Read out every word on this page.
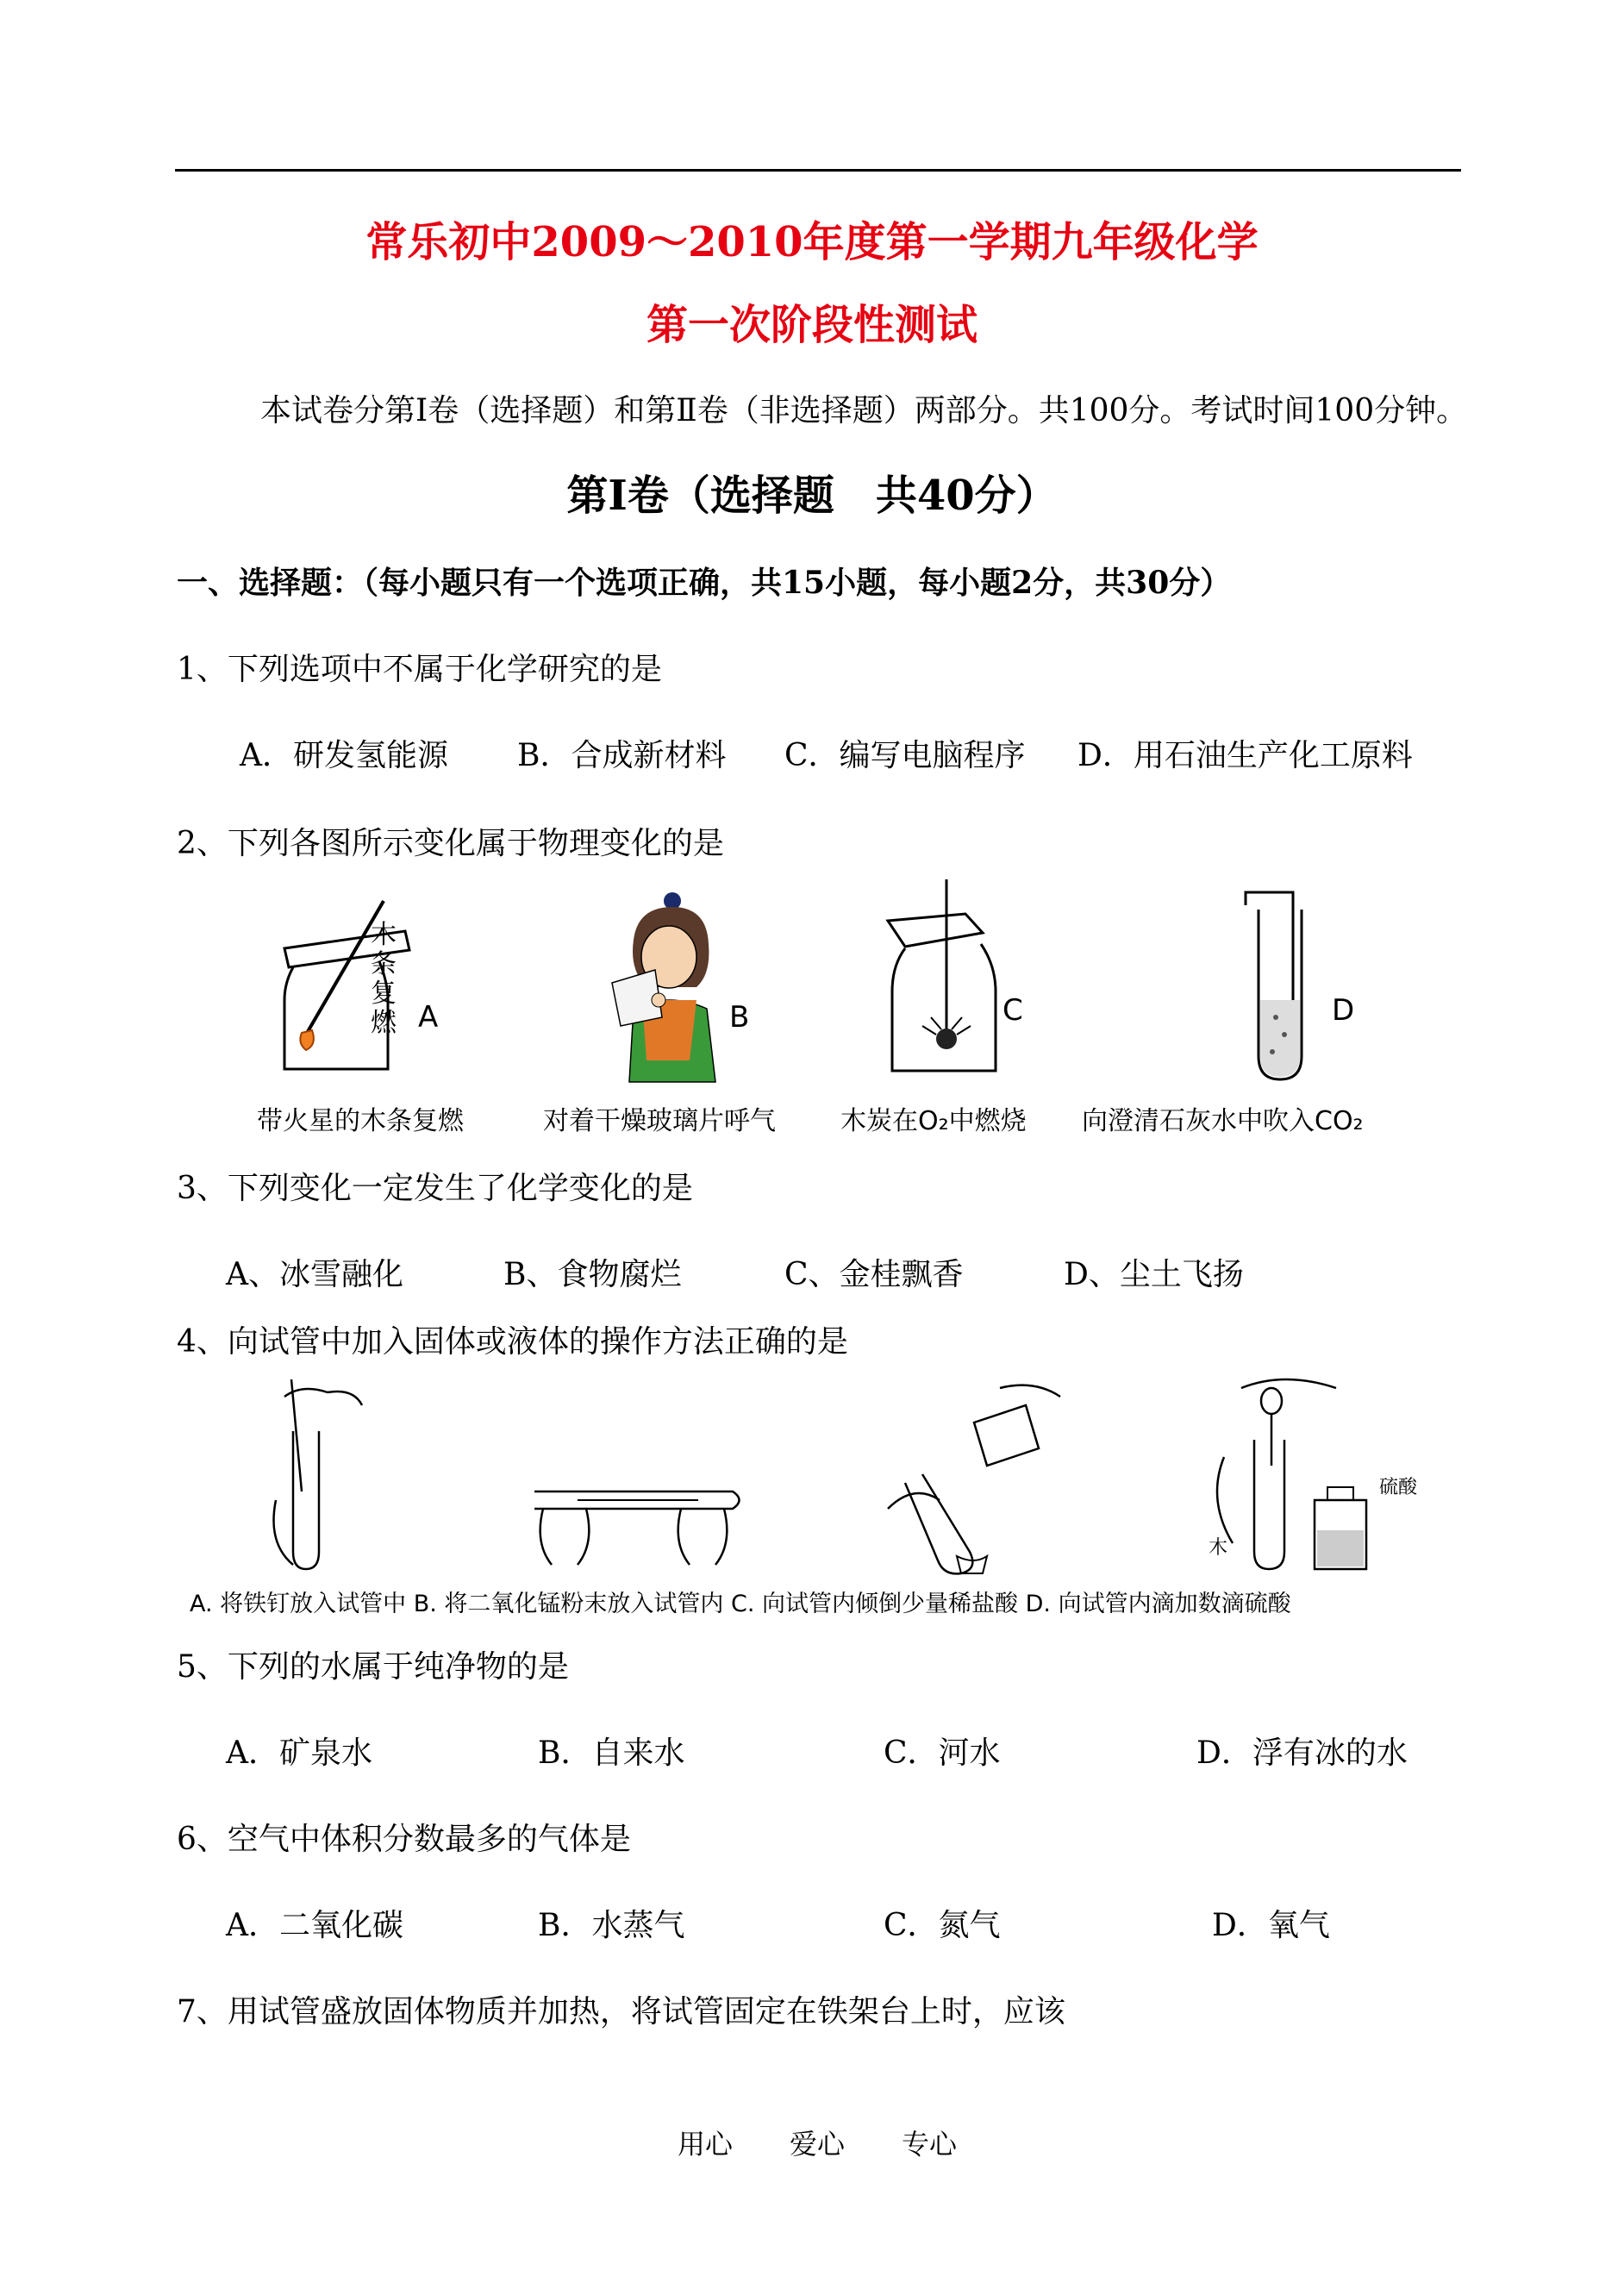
常乐初中2009～2010年度第一学期九年级化学
第一次阶段性测试
本试卷分第Ⅰ卷（选择题）和第Ⅱ卷（非选择题）两部分。共100分。考试时间100分钟。
第Ⅰ卷（选择题　共40分）
一、选择题：（每小题只有一个选项正确，共15小题，每小题2分，共30分）
1、下列选项中不属于化学研究的是
A．研发氢能源 B．合成新材料 C．编写电脑程序 D．用石油生产化工原料
2、下列各图所示变化属于物理变化的是
木条复燃 A	B	C	D
带火星的木条复燃	对着干燥玻璃片呼气	木炭在O₂中燃烧 向澄清石灰水中吹入CO₂
3、下列变化一定发生了化学变化的是
A、冰雪融化	B、食物腐烂	C、金桂飘香	D、尘土飞扬
4、向试管中加入固体或液体的操作方法正确的是
硫酸
木
A. 将铁钉放入试管中 B. 将二氧化锰粉末放入试管内 C. 向试管内倾倒少量稀盐酸 D. 向试管内滴加数滴硫酸
5、下列的水属于纯净物的是
A．矿泉水	B．自来水	C．河水	D．浮有冰的水
6、空气中体积分数最多的气体是
A．二氧化碳	B．水蒸气	C．氮气	D．氧气
7、用试管盛放固体物质并加热，将试管固定在铁架台上时，应该
用心 爱心 专心
